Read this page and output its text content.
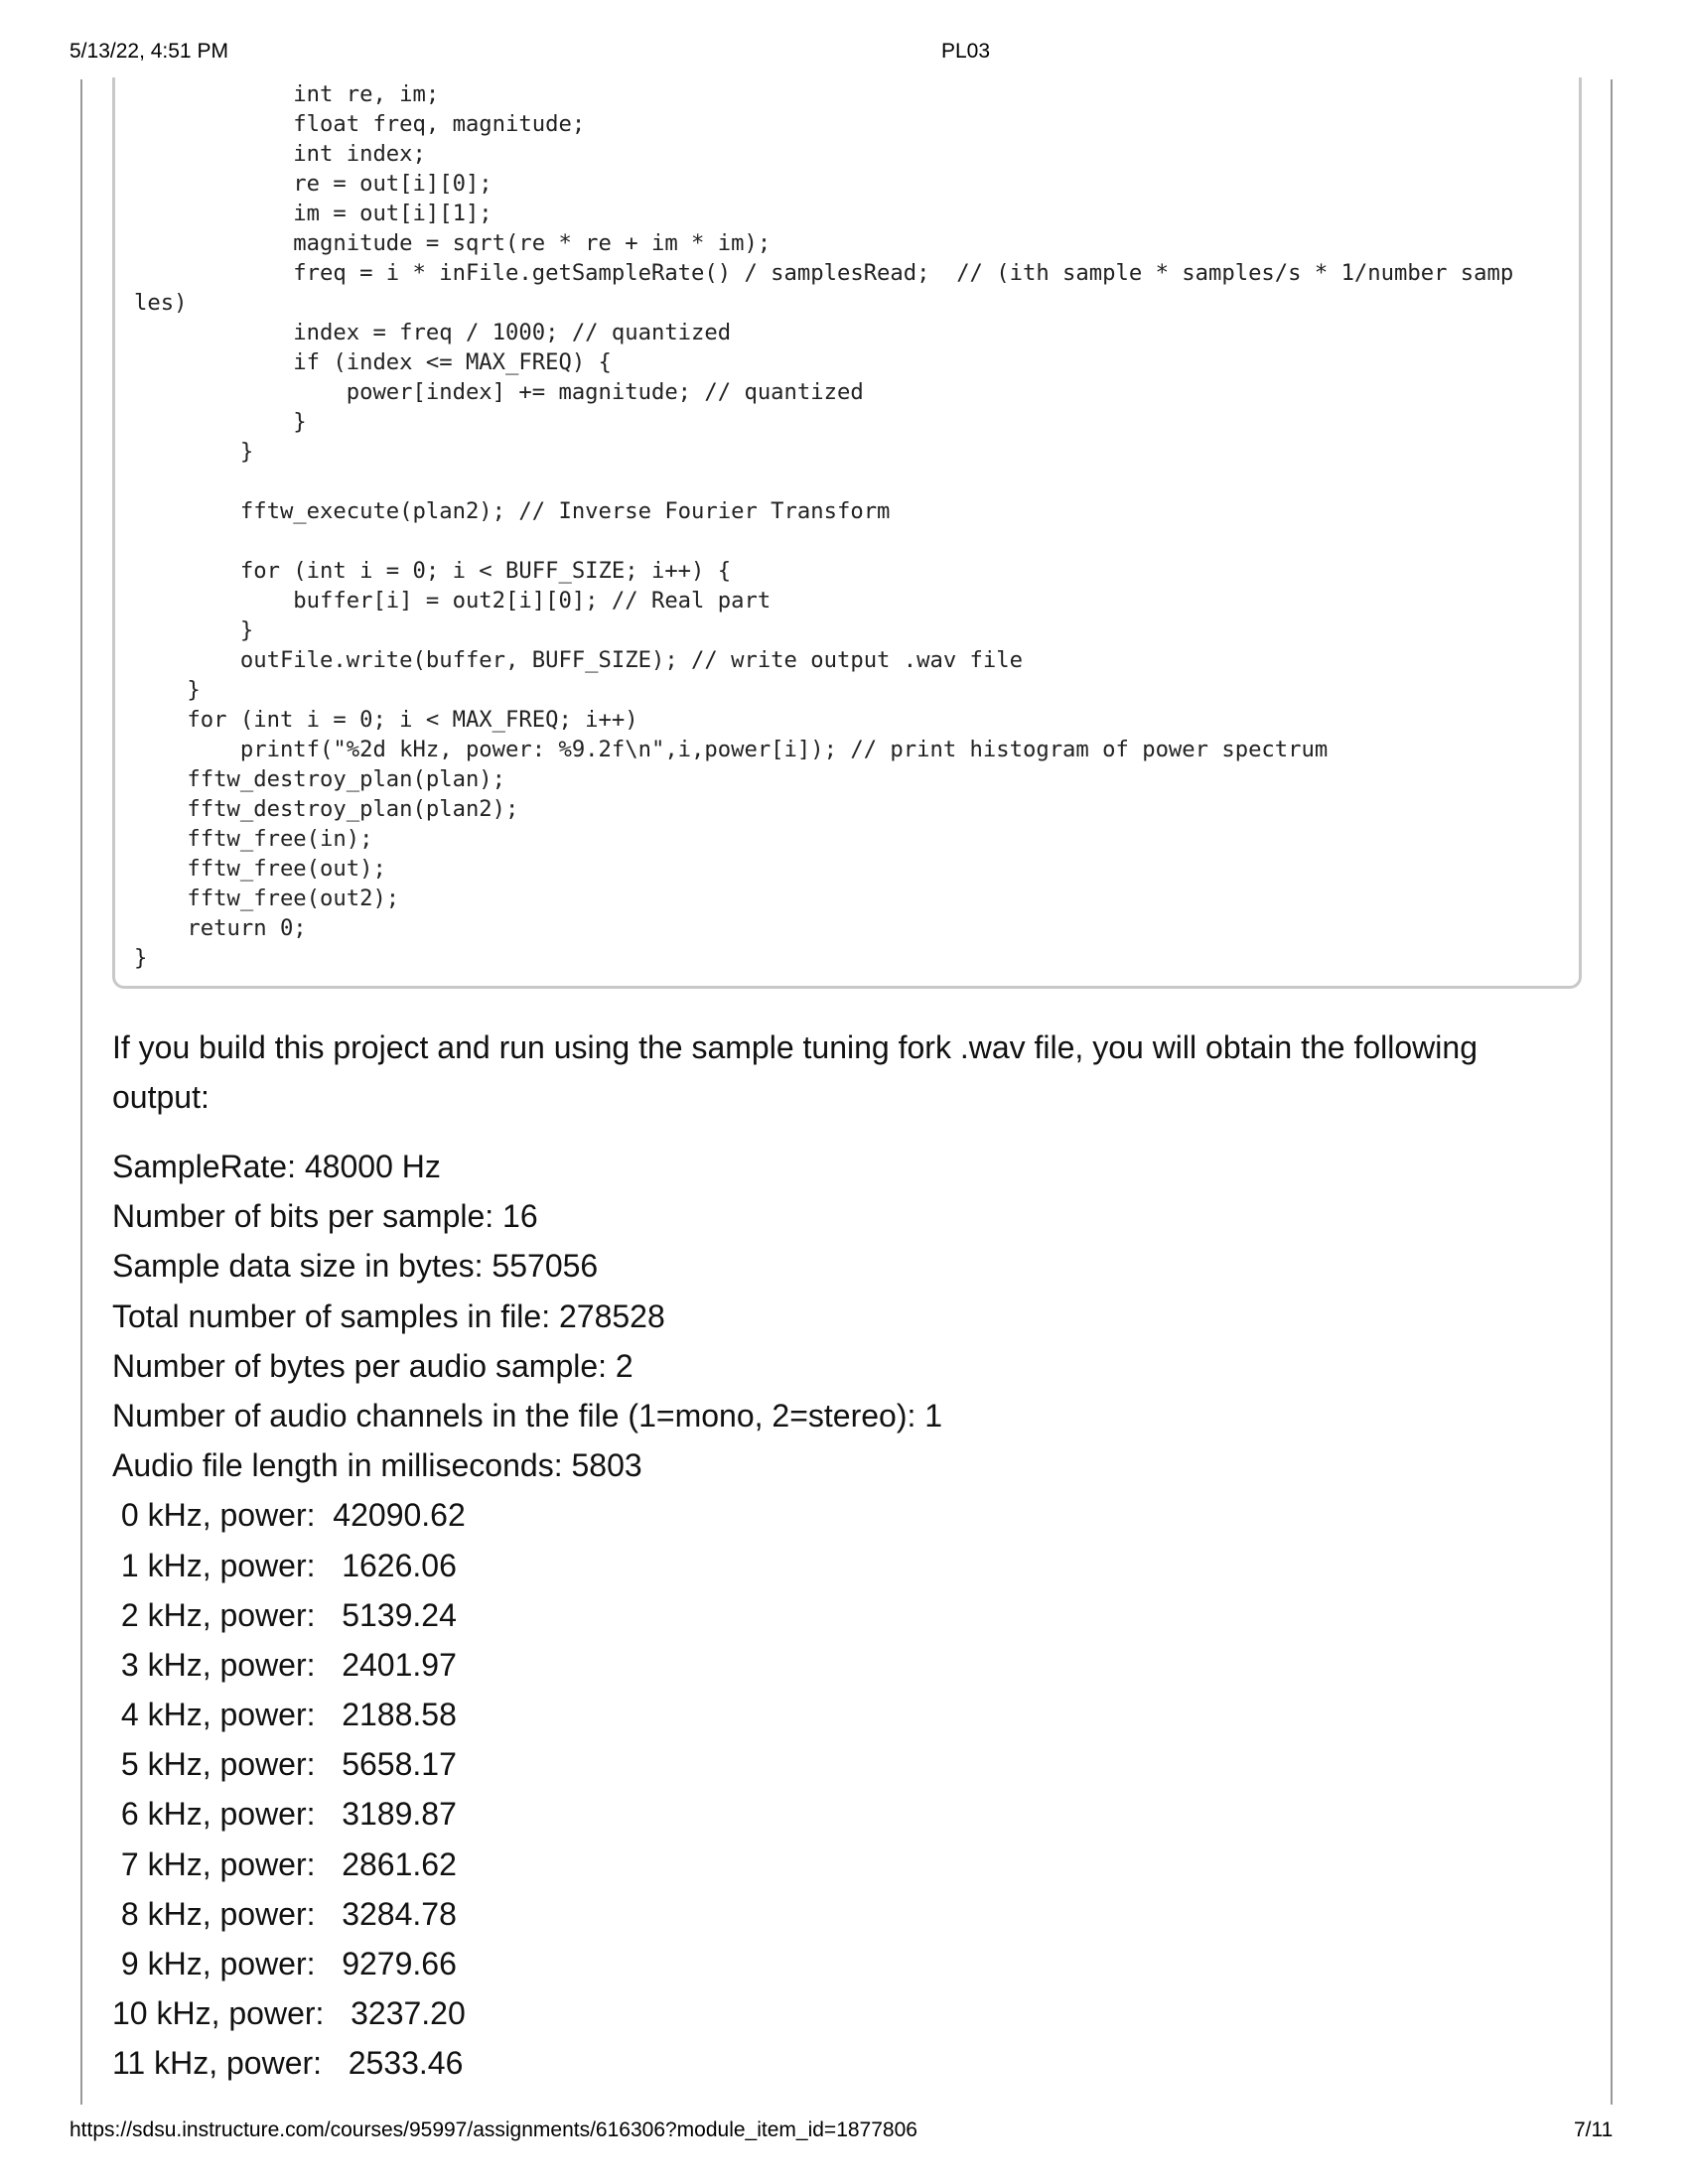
5/13/22, 4:51 PM	PL03
int re, im;
float freq, magnitude;
int index;
re = out[i][0];
im = out[i][1];
magnitude = sqrt(re * re + im * im);
freq = i * inFile.getSampleRate() / samplesRead;  // (ith sample * samples/s * 1/number samp
les)
index = freq / 1000; // quantized
if (index <= MAX_FREQ) {
power[index] += magnitude; // quantized
}
}
fftw_execute(plan2); // Inverse Fourier Transform
for (int i = 0; i < BUFF_SIZE; i++) {
buffer[i] = out2[i][0]; // Real part
}
outFile.write(buffer, BUFF_SIZE); // write output .wav file
}
for (int i = 0; i < MAX_FREQ; i++)
printf("%2d kHz, power: %9.2f\n",i,power[i]); // print histogram of power spectrum
fftw_destroy_plan(plan);
fftw_destroy_plan(plan2);
fftw_free(in);
fftw_free(out);
fftw_free(out2);
return 0;
}

If you build this project and run using the sample tuning fork .wav file, you will obtain the following output:

SampleRate: 48000 Hz
Number of bits per sample: 16
Sample data size in bytes: 557056
Total number of samples in file: 278528
Number of bytes per audio sample: 2
Number of audio channels in the file (1=mono, 2=stereo): 1
Audio file length in milliseconds: 5803
0 kHz, power:  42090.62
1 kHz, power:   1626.06
2 kHz, power:   5139.24
3 kHz, power:   2401.97
4 kHz, power:   2188.58
5 kHz, power:   5658.17
6 kHz, power:   3189.87
7 kHz, power:   2861.62
8 kHz, power:   3284.78
9 kHz, power:   9279.66
10 kHz, power:   3237.20
11 kHz, power:   2533.46
https://sdsu.instructure.com/courses/95997/assignments/616306?module_item_id=1877806	7/11
